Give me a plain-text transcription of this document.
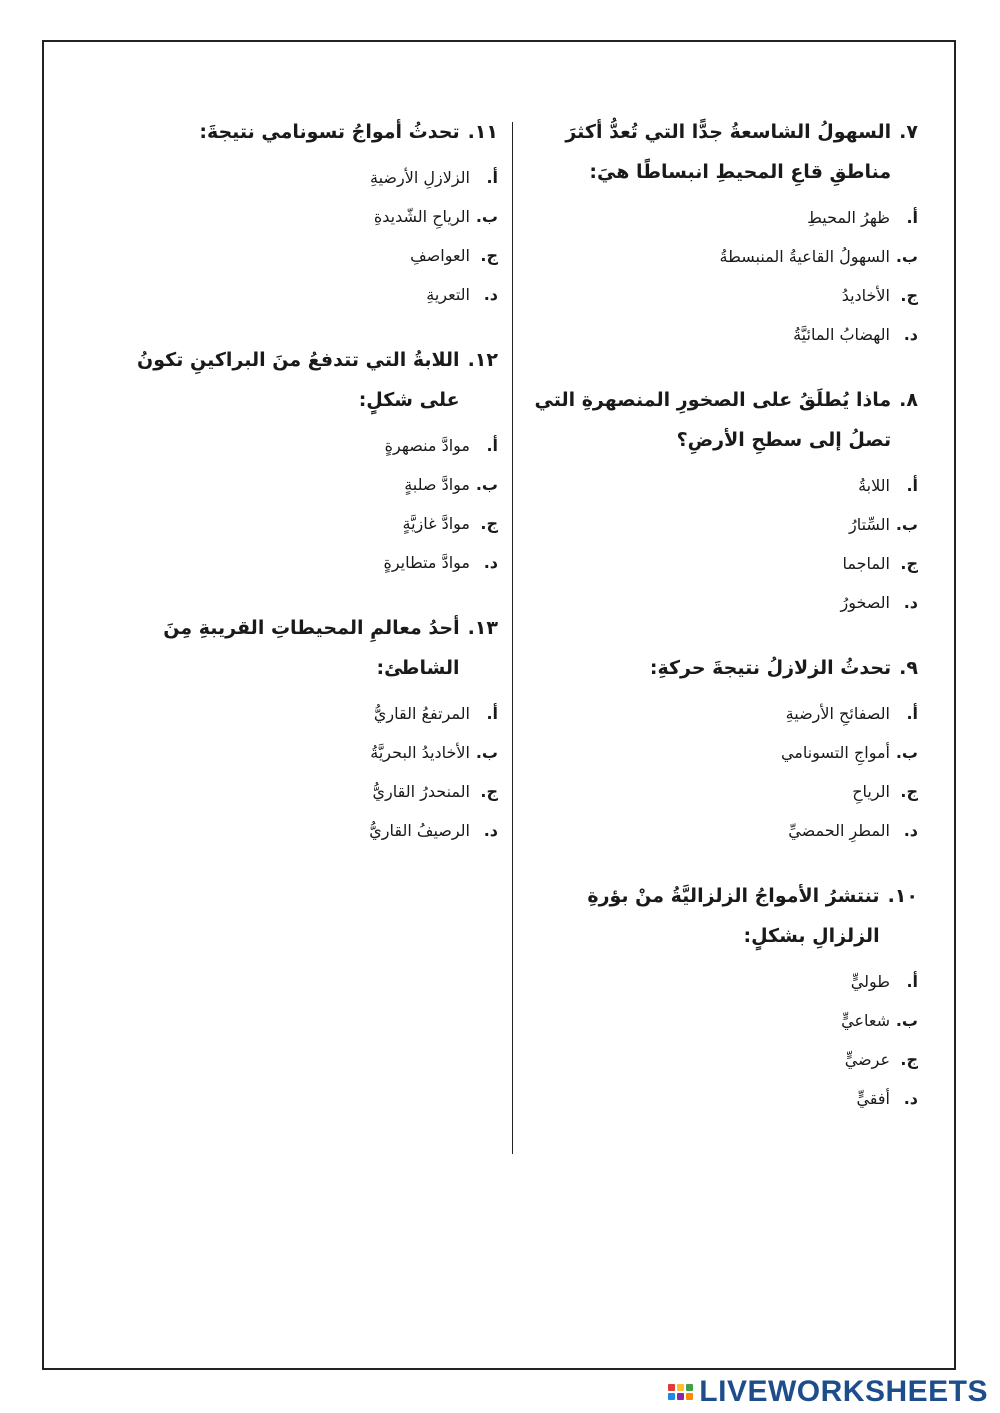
٧.
السهولُ الشاسعةُ جدًّا التي تُعدُّ أكثرَ مناطقِ قاعِ المحيطِ انبساطًا هيَ:
أ.ظهرُ المحيطِ
ب.السهولُ القاعيةُ المنبسطةُ
ج.الأخاديدُ
د.الهضابُ المائيَّةُ
٨.
ماذا يُطلَقُ على الصخورِ المنصهرةِ التي تصلُ إلى سطحِ الأرضِ؟
أ.اللابةُ
ب.السِّتارُ
ج.الماجما
د.الصخورُ
٩.
تحدثُ الزلازلُ نتيجةَ حركةِ:
أ.الصفائحِ الأرضيةِ
ب.أمواجِ التسونامي
ج.الرياحِ
د.المطرِ الحمضيِّ
١٠.
تنتشرُ الأمواجُ الزلزاليَّةُ منْ بؤرةِ الزلزالِ بشكلٍ:
أ.طوليٍّ
ب.شعاعيٍّ
ج.عرضيٍّ
د.أفقيٍّ
١١.
تحدثُ أمواجُ تسونامي نتيجةَ:
أ.الزلازلِ الأرضيةِ
ب.الرياحِ الشّديدةِ
ج.العواصفِ
د.التعريةِ
١٢.
اللابةُ التي تتدفعُ منَ البراكينِ تكونُ على شكلٍ:
أ.موادَّ منصهرةٍ
ب.موادَّ صلبةٍ
ج.موادَّ غازيَّةٍ
د.موادَّ متطايرةٍ
١٣.
أحدُ معالمِ المحيطاتِ القريبةِ مِنَ الشاطئ:
أ.المرتفعُ القاريُّ
ب.الأخاديدُ البحريَّةُ
ج.المنحدرُ القاريُّ
د.الرصيفُ القاريُّ
LIVEWORKSHEETS
